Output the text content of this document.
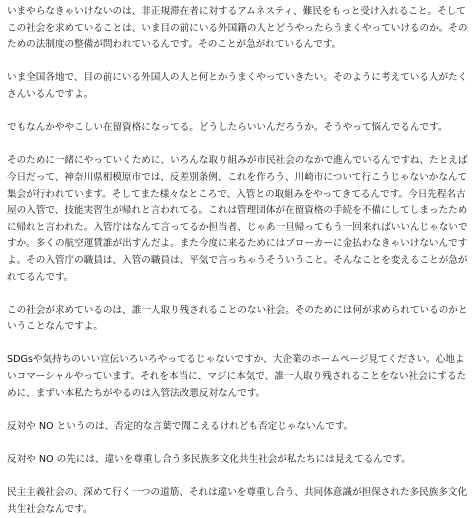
いまやらなきゃいけないのは、非正規滞在者に対するアムネスティ、難民をもっと受け入れること。そしてこの社会を求めていることは、いま目の前にいる外国籍の人とどうやったらうまくやっていけるのか。そのための法制度の整備が問われているんです。そのことが急がれているんです。

いま全国各地で、目の前にいる外国人の人と何とかうまくやっていきたい。そのように考えている人がたくさんいるんですよ。

でもなんかややこしい在留資格になってる。どうしたらいいんだろうか。そうやって悩んでるんです。

そのために一緒にやっていくために、いろんな取り組みが市民社会のなかで進んでいるんですね、たとえば今日だって、神奈川県相模原市では、反差別条例、これを作ろう、川崎市について行こうじゃないかなんて集会が行われています。そしてまた様々なところで、入管との取組みをやってきてるんです。今日先程名古屋の入管で、技能実習生が帰れと言われてる。これは管理団体が在留資格の手続を不備にしてしまったために帰れと言われた。入管庁はなんて言ってるか担当者、じゃあ一旦帰ってもう一回来ればいいんじゃないですか。多くの航空運賃誰が出すんだよ。また今度に来るためにはブローカーに金払わなきゃいけないんですよ。その入管庁の職員は、入管の職員は、平気で言っちゃうそういうこと。そんなことを変えることが急がれてるんです。

この社会が求めているのは、誰一人取り残されることのない社会。そのためには何が求められているのかということなんですよ。

SDGsや気持ちのいい宣伝いろいろやってるじゃないですか、大企業のホームページ見てください。心地よいコマーシャルやっています。それを本当に、マジに本気で、誰一人取り残されることをない社会にするために、まずい本私たちがやるのは入管法改悪反対なんです。

反対や NO というのは、否定的な言葉で聞こえるけれども否定じゃないんです。

反対や NO の先には、違いを尊重し合う多民族多文化共生社会が私たちには見えてるんです。

民主主義社会の、深めて行く一つの道筋、それは違いを尊重し合う、共同体意識が担保された多民族多文化共生社会なんです。
